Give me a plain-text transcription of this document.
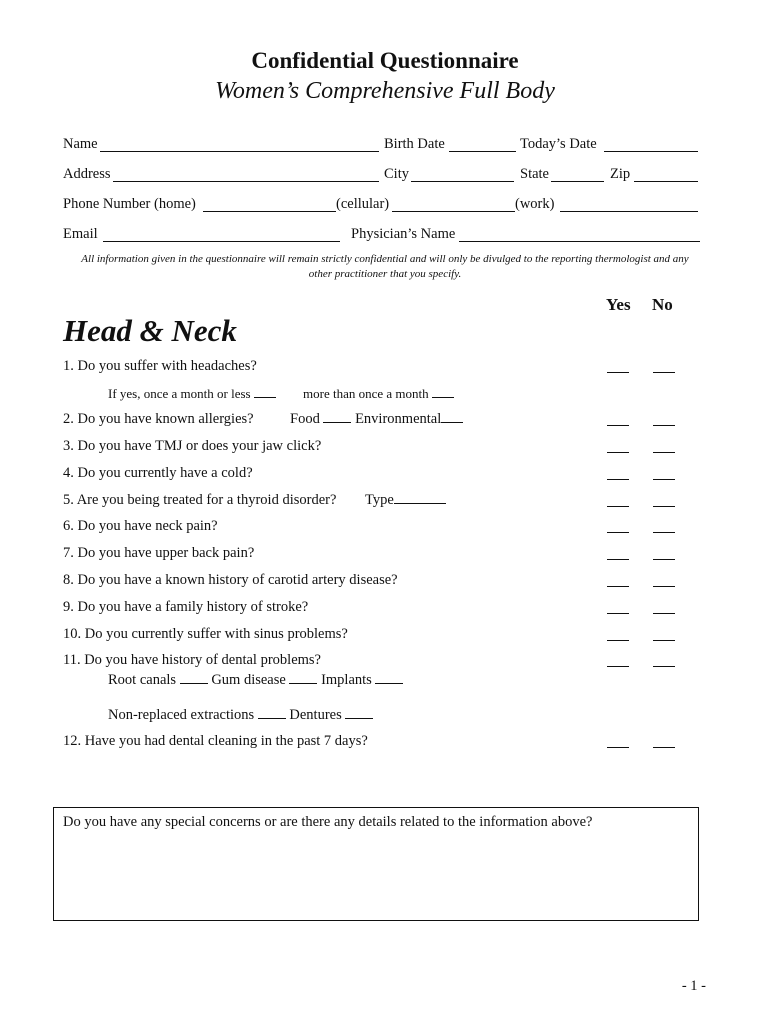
Confidential Questionnaire
Women’s Comprehensive Full Body
Name	Birth Date	Today’s Date
Address	City	State	Zip
Phone Number (home)	(cellular)	(work)
Email	Physician’s Name
All information given in the questionnaire will remain strictly confidential and will only be divulged to the reporting thermologist and any other practitioner that you specify.
Yes No
Head & Neck
1. Do you suffer with headaches?
If yes, once a month or less	more than once a month
2. Do you have known allergies?	Food Environmental
3. Do you have TMJ or does your jaw click?
4. Do you currently have a cold?
5. Are you being treated for a thyroid disorder? Type
6. Do you have neck pain?
7. Do you have upper back pain?
8. Do you have a known history of carotid artery disease?
9. Do you have a family history of stroke?
10. Do you currently suffer with sinus problems?
11. Do you have history of dental problems?
Root canals Gum disease Implants
Non-replaced extractions Dentures
12. Have you had dental cleaning in the past 7 days?
Do you have any special concerns or are there any details related to the information above?
- 1 -
